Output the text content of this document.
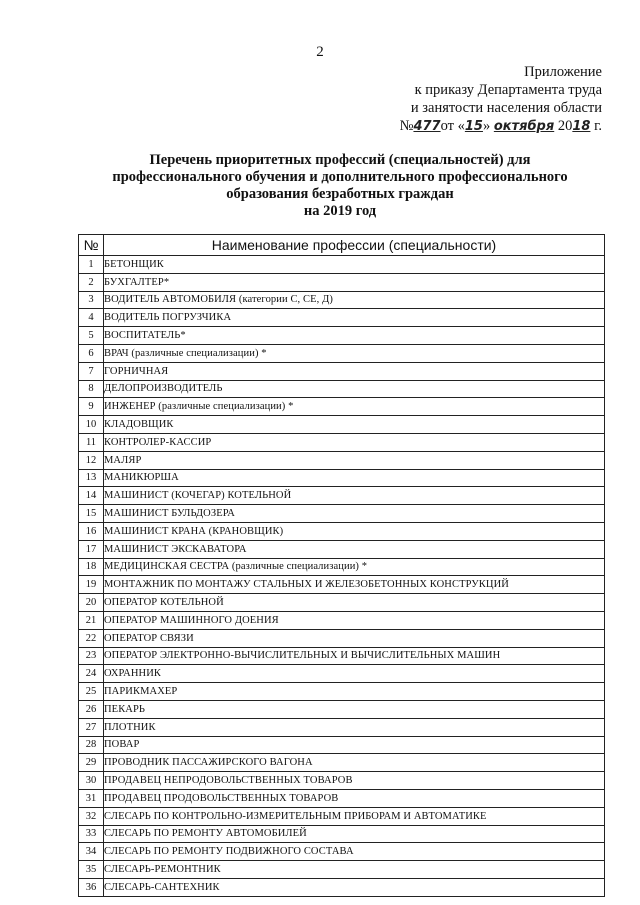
2
Приложение
к приказу Департамента труда
и занятости населения области
№477от «15» октября 2018 г.
Перечень приоритетных профессий (специальностей) для
профессионального обучения и дополнительного профессионального
образования безработных граждан
на 2019 год
№	Наименование профессии (специальности)
1	БЕТОНЩИК
2	БУХГАЛТЕР*
3	ВОДИТЕЛЬ АВТОМОБИЛЯ (категории С, СЕ, Д)
4	ВОДИТЕЛЬ ПОГРУЗЧИКА
5	ВОСПИТАТЕЛЬ*
6	ВРАЧ (различные специализации) *
7	ГОРНИЧНАЯ
8	ДЕЛОПРОИЗВОДИТЕЛЬ
9	ИНЖЕНЕР (различные специализации) *
10	КЛАДОВЩИК
11	КОНТРОЛЕР-КАССИР
12	МАЛЯР
13	МАНИКЮРША
14	МАШИНИСТ (КОЧЕГАР) КОТЕЛЬНОЙ
15	МАШИНИСТ БУЛЬДОЗЕРА
16	МАШИНИСТ КРАНА (КРАНОВЩИК)
17	МАШИНИСТ ЭКСКАВАТОРА
18	МЕДИЦИНСКАЯ СЕСТРА (различные специализации) *
19	МОНТАЖНИК ПО МОНТАЖУ СТАЛЬНЫХ И ЖЕЛЕЗОБЕТОННЫХ КОНСТРУКЦИЙ
20	ОПЕРАТОР КОТЕЛЬНОЙ
21	ОПЕРАТОР МАШИННОГО ДОЕНИЯ
22	ОПЕРАТОР СВЯЗИ
23	ОПЕРАТОР ЭЛЕКТРОННО-ВЫЧИСЛИТЕЛЬНЫХ И ВЫЧИСЛИТЕЛЬНЫХ МАШИН
24	ОХРАННИК
25	ПАРИКМАХЕР
26	ПЕКАРЬ
27	ПЛОТНИК
28	ПОВАР
29	ПРОВОДНИК ПАССАЖИРСКОГО ВАГОНА
30	ПРОДАВЕЦ НЕПРОДОВОЛЬСТВЕННЫХ ТОВАРОВ
31	ПРОДАВЕЦ ПРОДОВОЛЬСТВЕННЫХ ТОВАРОВ
32	СЛЕСАРЬ ПО КОНТРОЛЬНО-ИЗМЕРИТЕЛЬНЫМ ПРИБОРАМ И АВТОМАТИКЕ
33	СЛЕСАРЬ ПО РЕМОНТУ АВТОМОБИЛЕЙ
34	СЛЕСАРЬ ПО РЕМОНТУ ПОДВИЖНОГО СОСТАВА
35	СЛЕСАРЬ-РЕМОНТНИК
36	СЛЕСАРЬ-САНТЕХНИК
